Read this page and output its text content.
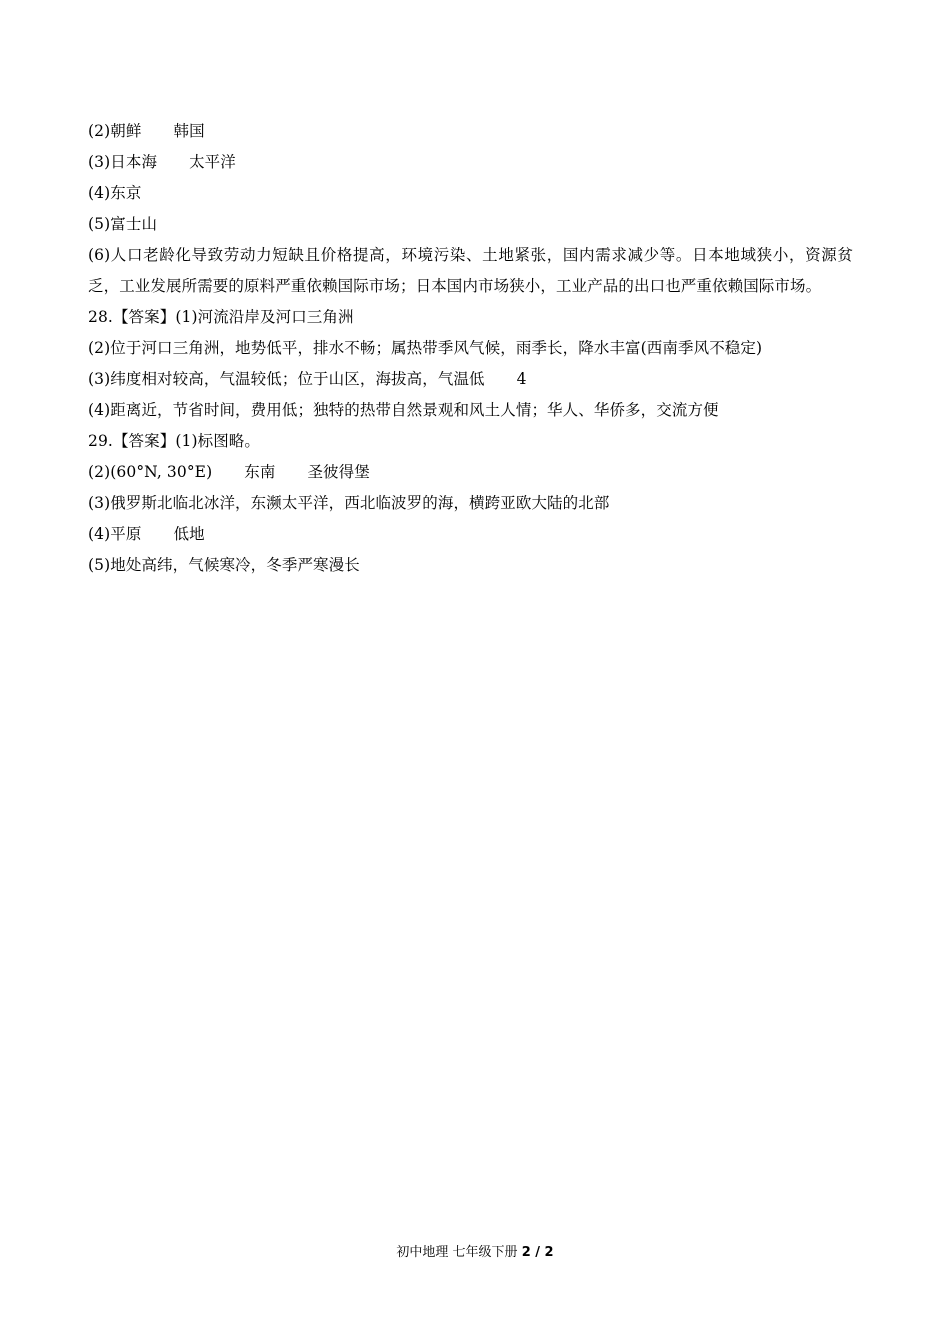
(2)朝鲜 韩国
(3)日本海 太平洋
(4)东京
(5)富士山
(6)人口老龄化导致劳动力短缺且价格提高，环境污染、土地紧张，国内需求减少等。日本地域狭小，资源贫乏，工业发展所需要的原料严重依赖国际市场；日本国内市场狭小，工业产品的出口也严重依赖国际市场。
28.【答案】(1)河流沿岸及河口三角洲
(2)位于河口三角洲，地势低平，排水不畅；属热带季风气候，雨季长，降水丰富(西南季风不稳定)
(3)纬度相对较高，气温较低；位于山区，海拔高，气温低 4
(4)距离近，节省时间，费用低；独特的热带自然景观和风土人情；华人、华侨多，交流方便
29.【答案】(1)标图略。
(2)(60°N, 30°E) 东南 圣彼得堡
(3)俄罗斯北临北冰洋，东濒太平洋，西北临波罗的海，横跨亚欧大陆的北部
(4)平原 低地
(5)地处高纬，气候寒冷，冬季严寒漫长
初中地理 七年级下册 2 / 2
